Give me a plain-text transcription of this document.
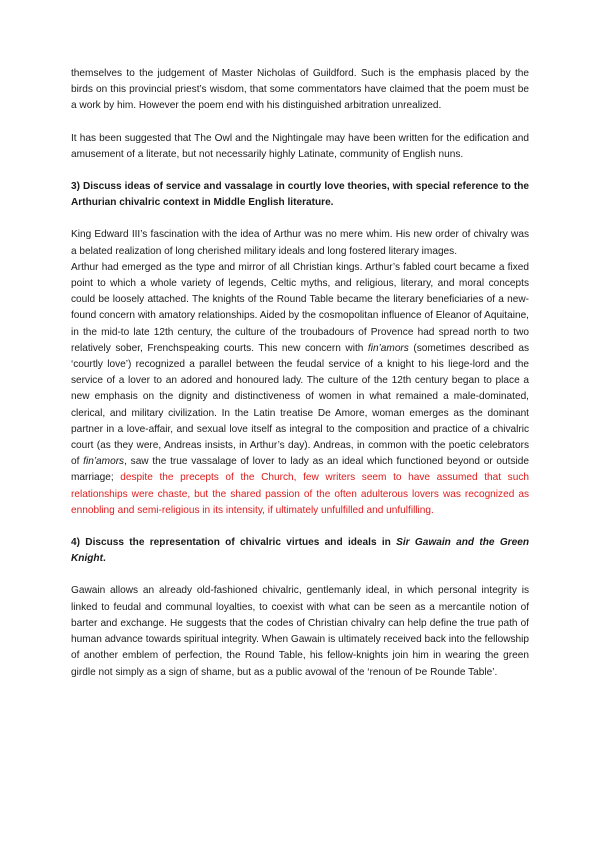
themselves to the judgement of Master Nicholas of Guildford. Such is the emphasis placed by the birds on this provincial priest’s wisdom, that some commentators have claimed that the poem must be a work by him. However the poem end with his distinguished arbitration unrealized.

It has been suggested that The Owl and the Nightingale may have been written for the edification and amusement of a literate, but not necessarily highly Latinate, community of English nuns.

3) Discuss ideas of service and vassalage in courtly love theories, with special reference to the Arthurian chivalric context in Middle English literature.

King Edward III’s fascination with the idea of Arthur was no mere whim. His new order of chivalry was a belated realization of long cherished military ideals and long fostered literary images.

Arthur had emerged as the type and mirror of all Christian kings. Arthur’s fabled court became a fixed point to which a whole variety of legends, Celtic myths, and religious, literary, and moral concepts could be loosely attached. The knights of the Round Table became the literary beneficiaries of a new-found concern with amatory relationships. Aided by the cosmopolitan influence of Eleanor of Aquitaine, in the mid-to late 12th century, the culture of the troubadours of Provence had spread north to two relatively sober, Frenchspeaking courts. This new concern with fin’amors (sometimes described as ‘courtly love’) recognized a parallel between the feudal service of a knight to his liege-lord and the service of a lover to an adored and honoured lady. The culture of the 12th century began to place a new emphasis on the dignity and distinctiveness of women in what remained a male-dominated, clerical, and military civilization. In the Latin treatise De Amore, woman emerges as the dominant partner in a love-affair, and sexual love itself as integral to the composition and practice of a chivalric court (as they were, Andreas insists, in Arthur’s day). Andreas, in common with the poetic celebrators of fin’amors, saw the true vassalage of lover to lady as an ideal which functioned beyond or outside marriage; despite the precepts of the Church, few writers seem to have assumed that such relationships were chaste, but the shared passion of the often adulterous lovers was recognized as ennobling and semi-religious in its intensity, if ultimately unfulfilled and unfulfilling.

4) Discuss the representation of chivalric virtues and ideals in Sir Gawain and the Green Knight.

Gawain allows an already old-fashioned chivalric, gentlemanly ideal, in which personal integrity is linked to feudal and communal loyalties, to coexist with what can be seen as a mercantile notion of barter and exchange. He suggests that the codes of Christian chivalry can help define the true path of human advance towards spiritual integrity. When Gawain is ultimately received back into the fellowship of another emblem of perfection, the Round Table, his fellow-knights join him in wearing the green girdle not simply as a sign of shame, but as a public avowal of the ‘renoun of Þe Rounde Table’.
